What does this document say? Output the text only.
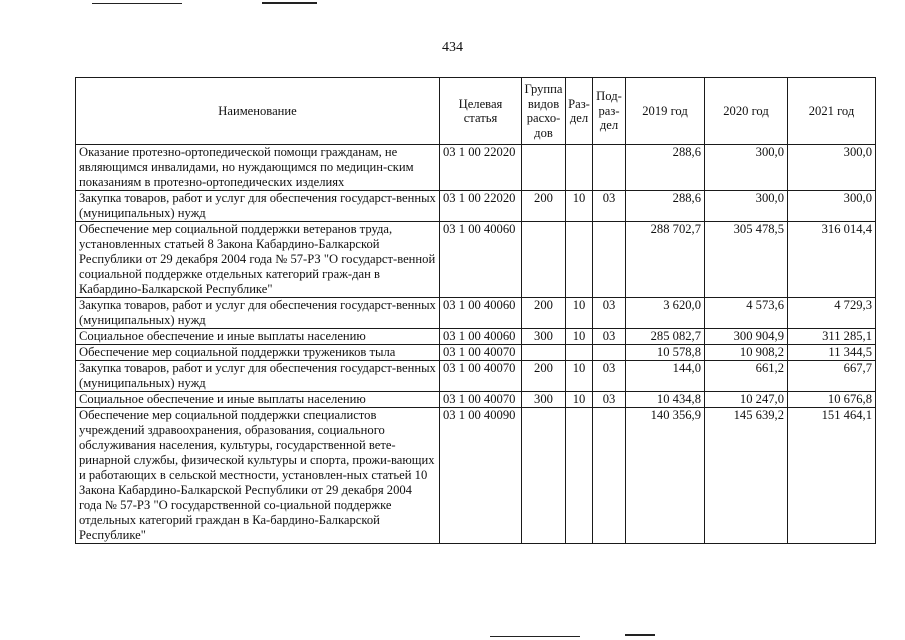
434
Наименование	Целевая статья	Группа видов расхо-дов	Раз-дел	Под-раз-дел	2019 год	2020 год	2021 год
Оказание протезно-ортопедической помощи гражданам, не являющимся инвалидами, но нуждающимся по медицин-ским показаниям в протезно-ортопедических изделиях	03 1 00 22020				288,6	300,0	300,0
Закупка товаров, работ и услуг для обеспечения государст-венных (муниципальных) нужд	03 1 00 22020	200	10	03	288,6	300,0	300,0
Обеспечение мер социальной поддержки ветеранов труда, установленных статьей 8 Закона Кабардино-Балкарской Республики от 29 декабря 2004 года № 57-РЗ "О государст-венной социальной поддержке отдельных категорий граж-дан в Кабардино-Балкарской Республике"	03 1 00 40060				288 702,7	305 478,5	316 014,4
Закупка товаров, работ и услуг для обеспечения государст-венных (муниципальных) нужд	03 1 00 40060	200	10	03	3 620,0	4 573,6	4 729,3
Социальное обеспечение и иные выплаты населению	03 1 00 40060	300	10	03	285 082,7	300 904,9	311 285,1
Обеспечение мер социальной поддержки тружеников тыла	03 1 00 40070				10 578,8	10 908,2	11 344,5
Закупка товаров, работ и услуг для обеспечения государст-венных (муниципальных) нужд	03 1 00 40070	200	10	03	144,0	661,2	667,7
Социальное обеспечение и иные выплаты населению	03 1 00 40070	300	10	03	10 434,8	10 247,0	10 676,8
Обеспечение мер социальной поддержки специалистов учреждений здравоохранения, образования, социального обслуживания населения, культуры, государственной вете-ринарной службы, физической культуры и спорта, прожи-вающих и работающих в сельской местности, установлен-ных статьей 10 Закона Кабардино-Балкарской Республики от 29 декабря 2004 года № 57-РЗ "О государственной со-циальной поддержке отдельных категорий граждан в Ка-бардино-Балкарской Республике"	03 1 00 40090				140 356,9	145 639,2	151 464,1
